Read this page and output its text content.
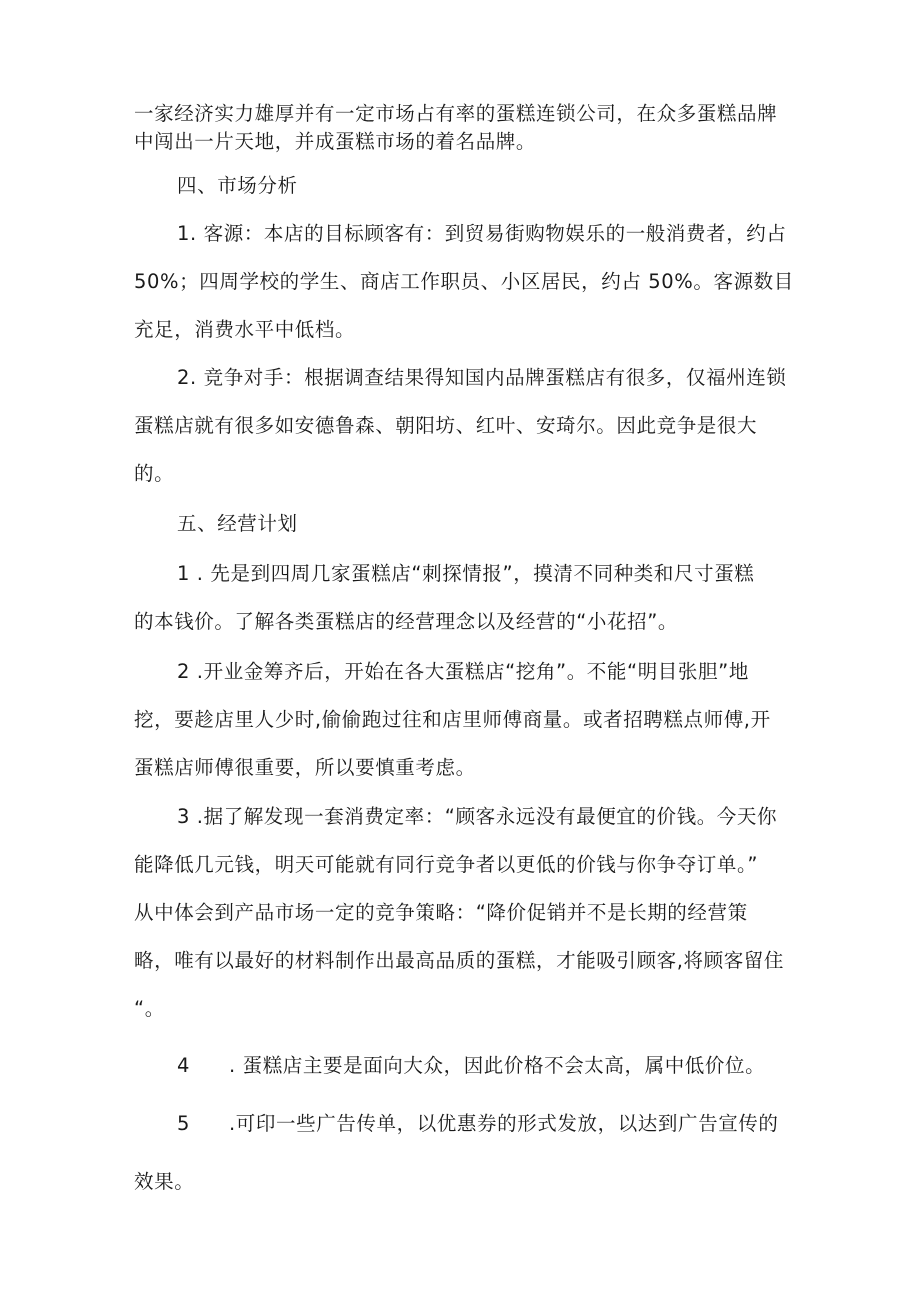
一家经济实力雄厚并有一定市场占有率的蛋糕连锁公司，在众多蛋糕品牌
中闯出一片天地，并成蛋糕市场的着名品牌。
四、市场分析
1. 客源：本店的目标顾客有：到贸易街购物娱乐的一般消费者，约占
50%；四周学校的学生、商店工作职员、小区居民，约占 50%。客源数目
充足，消费水平中低档。
2. 竞争对手：根据调查结果得知国内品牌蛋糕店有很多，仅福州连锁
蛋糕店就有很多如安德鲁森、朝阳坊、红叶、安琦尔。因此竞争是很大
的。
五、经营计划
1 . 先是到四周几家蛋糕店“刺探情报”，摸清不同种类和尺寸蛋糕
的本钱价。了解各类蛋糕店的经营理念以及经营的“小花招”。
2 .开业金筹齐后，开始在各大蛋糕店“挖角”。不能“明目张胆”地
挖，要趁店里人少时,偷偷跑过往和店里师傅商量。或者招聘糕点师傅,开
蛋糕店师傅很重要，所以要慎重考虑。
3 .据了解发现一套消费定率：“顾客永远没有最便宜的价钱。今天你
能降低几元钱，明天可能就有同行竞争者以更低的价钱与你争夺订单。”
从中体会到产品市场一定的竞争策略：“降价促销并不是长期的经营策
略，唯有以最好的材料制作出最高品质的蛋糕，才能吸引顾客,将顾客留住
“。
4	. 蛋糕店主要是面向大众，因此价格不会太高，属中低价位。
5	.可印一些广告传单，以优惠券的形式发放，以达到广告宣传的
效果。
